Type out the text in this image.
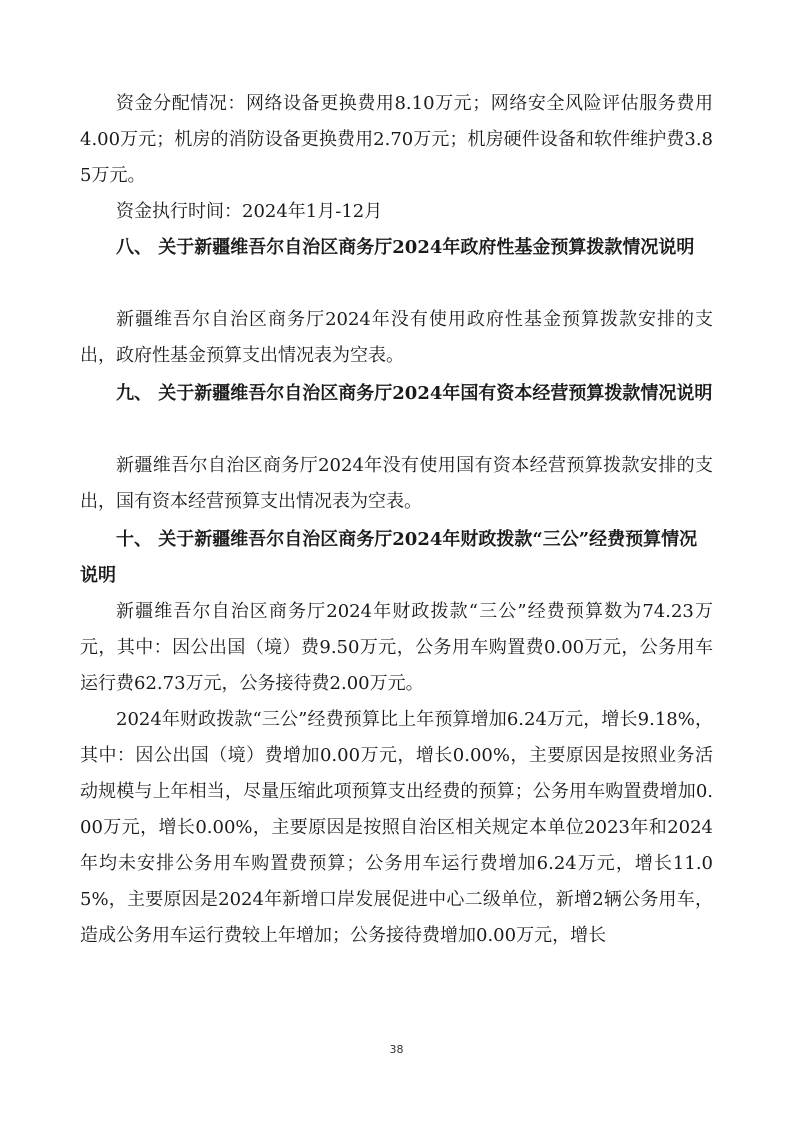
资金分配情况：网络设备更换费用8.10万元；网络安全风险评估服务费用4.00万元；机房的消防设备更换费用2.70万元；机房硬件设备和软件维护费3.85万元。

资金执行时间：2024年1月-12月

八、 关于新疆维吾尔自治区商务厅2024年政府性基金预算拨款情况说明

新疆维吾尔自治区商务厅2024年没有使用政府性基金预算拨款安排的支出，政府性基金预算支出情况表为空表。

九、 关于新疆维吾尔自治区商务厅2024年国有资本经营预算拨款情况说明

新疆维吾尔自治区商务厅2024年没有使用国有资本经营预算拨款安排的支出，国有资本经营预算支出情况表为空表。

十、 关于新疆维吾尔自治区商务厅2024年财政拨款“三公”经费预算情况说明

新疆维吾尔自治区商务厅2024年财政拨款“三公”经费预算数为74.23万元，其中：因公出国（境）费9.50万元，公务用车购置费0.00万元，公务用车运行费62.73万元，公务接待费2.00万元。

2024年财政拨款“三公”经费预算比上年预算增加6.24万元，增长9.18%，其中：因公出国（境）费增加0.00万元，增长0.00%，主要原因是按照业务活动规模与上年相当，尽量压缩此项预算支出经费的预算；公务用车购置费增加0.00万元，增长0.00%，主要原因是按照自治区相关规定本单位2023年和2024年均未安排公务用车购置费预算；公务用车运行费增加6.24万元，增长11.05%，主要原因是2024年新增口岸发展促进中心二级单位，新增2辆公务用车，造成公务用车运行费较上年增加；公务接待费增加0.00万元，增长

38
